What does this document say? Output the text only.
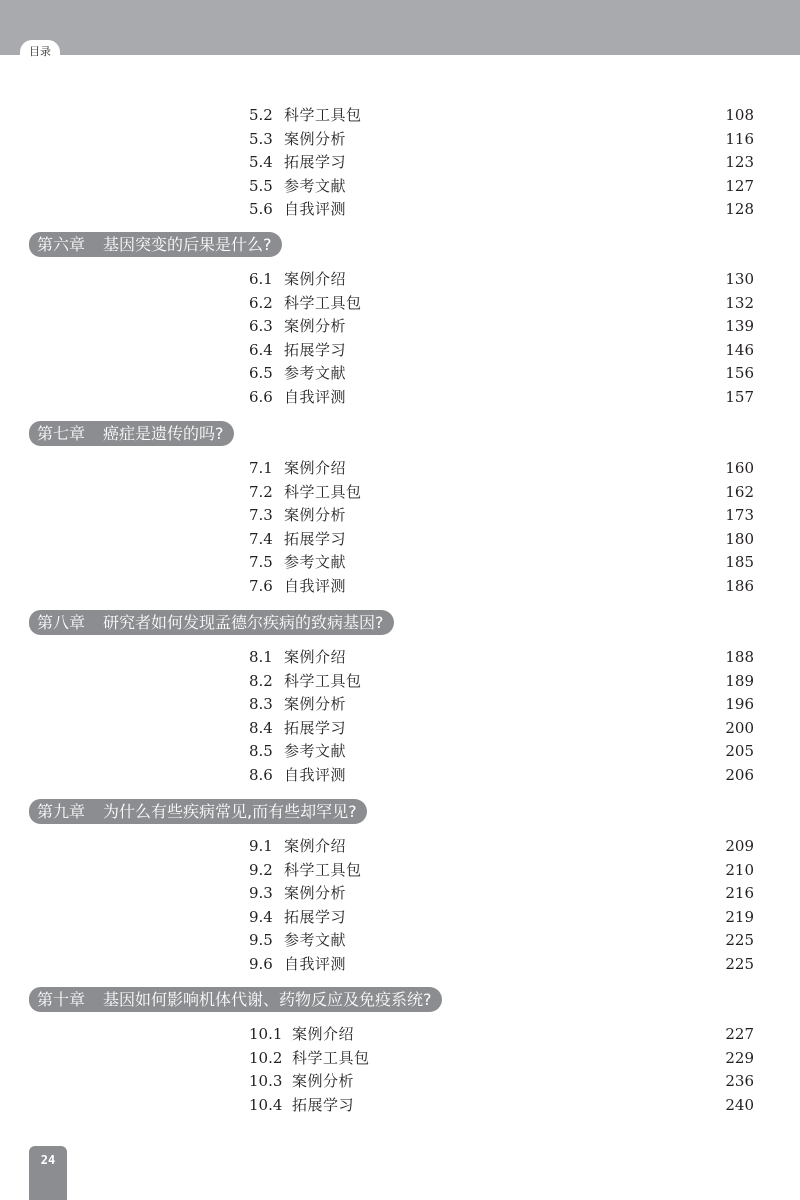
目录
5.2 科学工具包	108
5.3 案例分析	116
5.4 拓展学习	123
5.5 参考文献	127
5.6 自我评测	128
第六章 基因突变的后果是什么?
6.1 案例介绍	130
6.2 科学工具包	132
6.3 案例分析	139
6.4 拓展学习	146
6.5 参考文献	156
6.6 自我评测	157
第七章 癌症是遗传的吗?
7.1 案例介绍	160
7.2 科学工具包	162
7.3 案例分析	173
7.4 拓展学习	180
7.5 参考文献	185
7.6 自我评测	186
第八章 研究者如何发现孟德尔疾病的致病基因?
8.1 案例介绍	188
8.2 科学工具包	189
8.3 案例分析	196
8.4 拓展学习	200
8.5 参考文献	205
8.6 自我评测	206
第九章 为什么有些疾病常见,而有些却罕见?
9.1 案例介绍	209
9.2 科学工具包	210
9.3 案例分析	216
9.4 拓展学习	219
9.5 参考文献	225
9.6 自我评测	225
第十章 基因如何影响机体代谢、药物反应及免疫系统?
10.1 案例介绍	227
10.2 科学工具包	229
10.3 案例分析	236
10.4 拓展学习	240
24
